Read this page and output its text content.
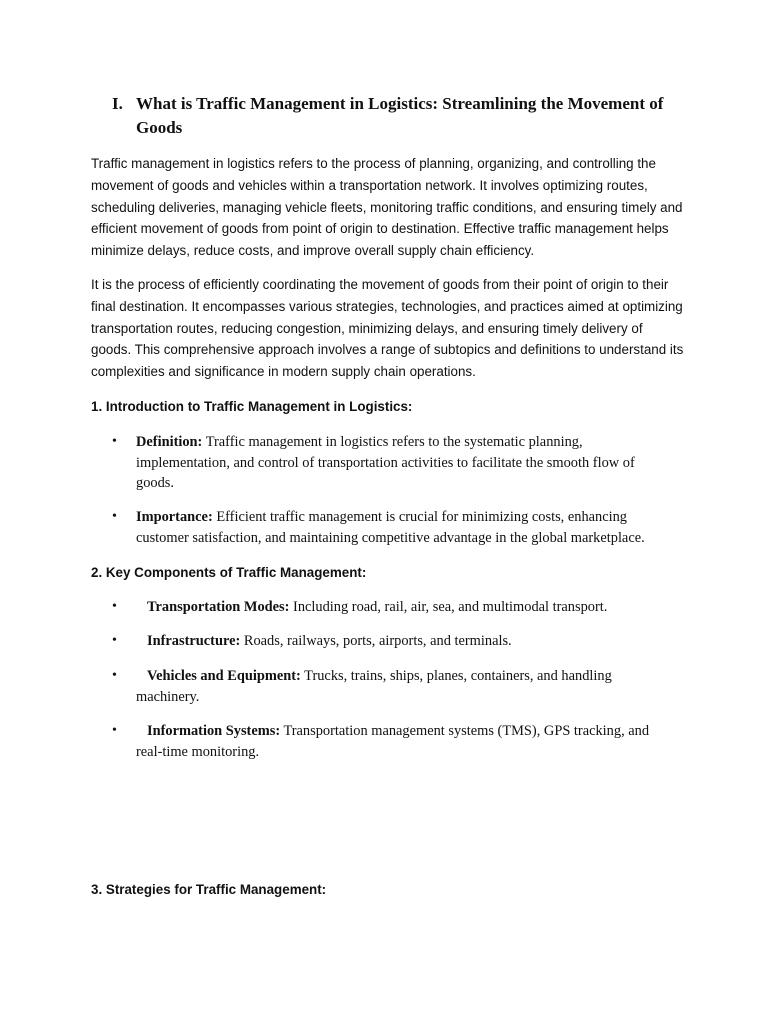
I. What is Traffic Management in Logistics: Streamlining the Movement of Goods

Traffic management in logistics refers to the process of planning, organizing, and controlling the movement of goods and vehicles within a transportation network. It involves optimizing routes, scheduling deliveries, managing vehicle fleets, monitoring traffic conditions, and ensuring timely and efficient movement of goods from point of origin to destination. Effective traffic management helps minimize delays, reduce costs, and improve overall supply chain efficiency.

It is the process of efficiently coordinating the movement of goods from their point of origin to their final destination. It encompasses various strategies, technologies, and practices aimed at optimizing transportation routes, reducing congestion, minimizing delays, and ensuring timely delivery of goods. This comprehensive approach involves a range of subtopics and definitions to understand its complexities and significance in modern supply chain operations.

1. Introduction to Traffic Management in Logistics:

• Definition: Traffic management in logistics refers to the systematic planning, implementation, and control of transportation activities to facilitate the smooth flow of goods.

• Importance: Efficient traffic management is crucial for minimizing costs, enhancing customer satisfaction, and maintaining competitive advantage in the global marketplace.

2. Key Components of Traffic Management:

• Transportation Modes: Including road, rail, air, sea, and multimodal transport.

• Infrastructure: Roads, railways, ports, airports, and terminals.

• Vehicles and Equipment: Trucks, trains, ships, planes, containers, and handling machinery.

• Information Systems: Transportation management systems (TMS), GPS tracking, and real-time monitoring.

3. Strategies for Traffic Management:
